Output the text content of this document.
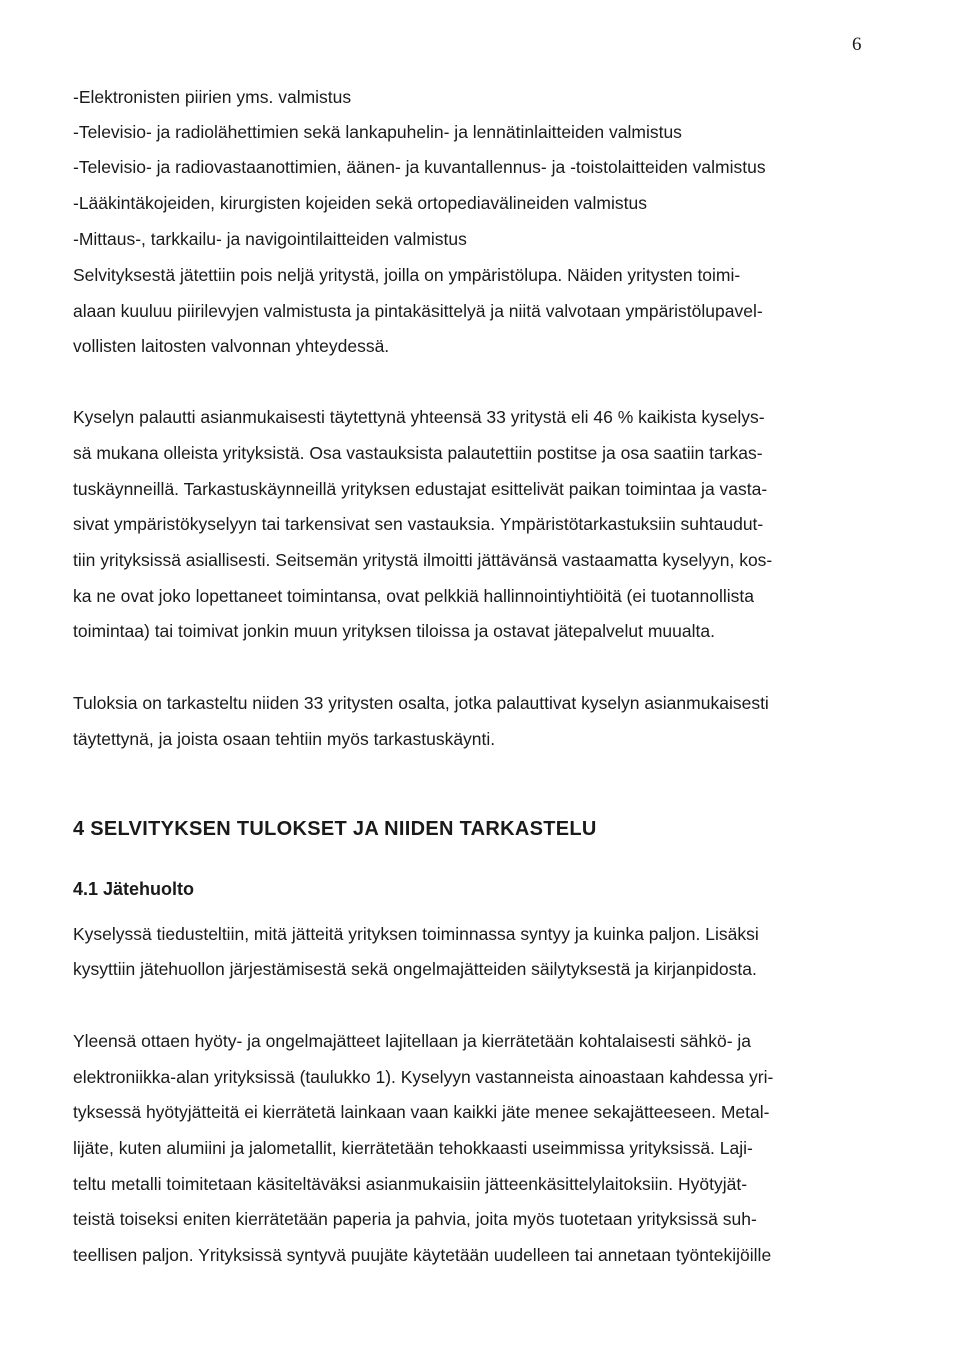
6
-Elektronisten piirien yms. valmistus
-Televisio- ja radiolähettimien sekä lankapuhelin- ja lennätinlaitteiden valmistus
-Televisio- ja radiovastaanottimien, äänen- ja kuvantallennus- ja -toistolaitteiden valmistus
-Lääkintäkojeiden, kirurgisten kojeiden sekä ortopediavälineiden valmistus
-Mittaus-, tarkkailu- ja navigointilaitteiden valmistus
Selvityksestä jätettiin pois neljä yritystä, joilla on ympäristölupa. Näiden yritysten toimi-
alaan kuuluu piirilevyjen valmistusta ja pintakäsittelyä ja niitä valvotaan ympäristölupavel-
vollisten laitosten valvonnan yhteydessä.
Kyselyn palautti asianmukaisesti täytettynä yhteensä 33 yritystä eli 46 % kaikista kyselys-
sä mukana olleista yrityksistä. Osa vastauksista palautettiin postitse ja osa saatiin tarkas-
tuskäynneillä. Tarkastuskäynneillä yrityksen edustajat esittelivät paikan toimintaa ja vasta-
sivat ympäristökyselyyn tai tarkensivat sen vastauksia. Ympäristötarkastuksiin suhtaudut-
tiin yrityksissä asiallisesti. Seitsemän yritystä ilmoitti jättävänsä vastaamatta kyselyyn, kos-
ka ne ovat joko lopettaneet toimintansa, ovat pelkkiä hallinnointiyhtiöitä (ei tuotannollista
toimintaa) tai toimivat jonkin muun yrityksen tiloissa ja ostavat jätepalvelut muualta.
Tuloksia on tarkasteltu niiden 33 yritysten osalta, jotka palauttivat kyselyn asianmukaisesti
täytettynä, ja joista osaan tehtiin myös tarkastuskäynti.
4 SELVITYKSEN TULOKSET JA NIIDEN TARKASTELU
4.1 Jätehuolto
Kyselyssä tiedusteltiin, mitä jätteitä yrityksen toiminnassa syntyy ja kuinka paljon. Lisäksi
kysyttiin jätehuollon järjestämisestä sekä ongelmajätteiden säilytyksestä ja kirjanpidosta.
Yleensä ottaen hyöty- ja ongelmajätteet lajitellaan ja kierrätetään kohtalaisesti sähkö- ja
elektroniikka-alan yrityksissä (taulukko 1). Kyselyyn vastanneista ainoastaan kahdessa yri-
tyksessä hyötyjätteitä ei kierrätetä lainkaan vaan kaikki jäte menee sekajätteeseen. Metal-
lijäte, kuten alumiini ja jalometallit, kierrätetään tehokkaasti useimmissa yrityksissä. Laji-
teltu metalli toimitetaan käsiteltäväksi asianmukaisiin jätteenkäsittelylaitoksiin. Hyötyjät-
teistä toiseksi eniten kierrätetään paperia ja pahvia, joita myös tuotetaan yrityksissä suh-
teellisen paljon. Yrityksissä syntyvä puujäte käytetään uudelleen tai annetaan työntekijöille
